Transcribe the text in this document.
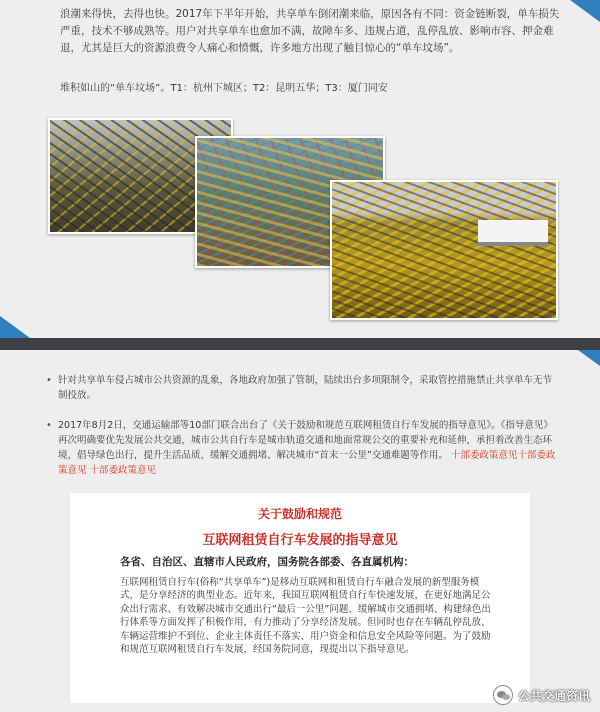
浪潮来得快，去得也快。2017年下半年开始，共享单车倒闭潮来临，原因各有不同：资金链断裂，单车损失严重，技术不够成熟等。用户对共享单车也愈加不满，故障车多、违规占道，乱停乱放、影响市容、押金难退，尤其是巨大的资源浪费令人痛心和愤慨，许多地方出现了触目惊心的“单车坟场”。

堆积如山的“单车坟场”。T1：杭州下城区；T2：昆明五华；T3：厦门同安

• 针对共享单车侵占城市公共资源的乱象，各地政府加强了管制，陆续出台多项限制令，采取管控措施禁止共享单车无节制投放。
• 2017年8月2日，交通运输部等10部门联合出台了《关于鼓励和规范互联网租赁自行车发展的指导意见》。《指导意见》再次明确要优先发展公共交通，城市公共自行车是城市轨道交通和地面常规公交的重要补充和延伸，承担着改善生态环境，倡导绿色出行，提升生活品质，缓解交通拥堵、解决城市“首末一公里”交通难题等作用。 十部委政策意见十部委政策意见 十部委政策意见
关于鼓励和规范
互联网租赁自行车发展的指导意见
各省、自治区、直辖市人民政府，国务院各部委、各直属机构：

互联网租赁自行车(俗称“共享单车”)是移动互联网和租赁自行车融合发展的新型服务模式，是分享经济的典型业态。近年来，我国互联网租赁自行车快速发展，在更好地满足公众出行需求、有效解决城市交通出行“最后一公里”问题、缓解城市交通拥堵、构建绿色出行体系等方面发挥了积极作用，有力推动了分享经济发展。但同时也存在车辆乱停乱放、车辆运营维护不到位、企业主体责任不落实、用户资金和信息安全风险等问题。为了鼓励和规范互联网租赁自行车发展，经国务院同意，现提出以下指导意见。

公共交通资讯
